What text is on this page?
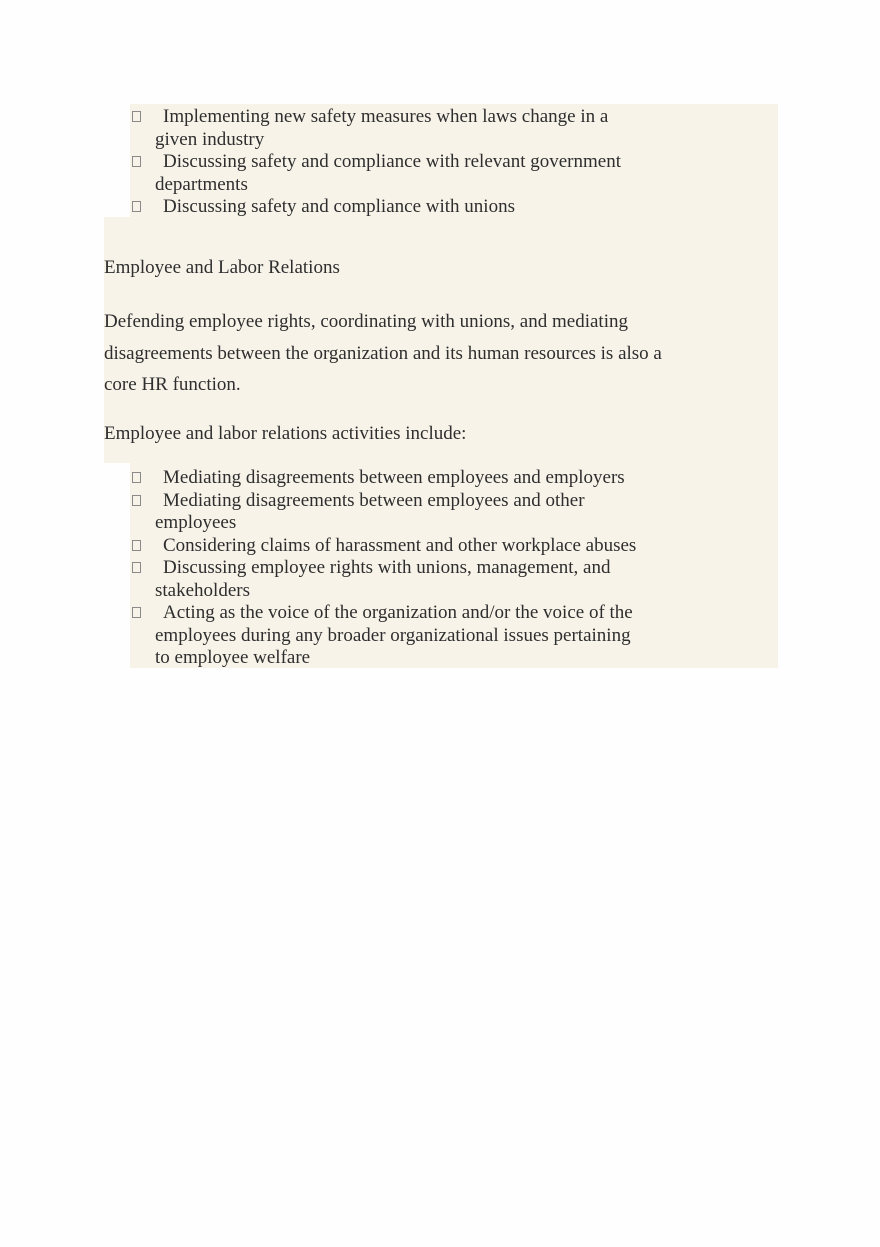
Implementing new safety measures when laws change in a given industry
Discussing safety and compliance with relevant government departments
Discussing safety and compliance with unions
Employee and Labor Relations

Defending employee rights, coordinating with unions, and mediating disagreements between the organization and its human resources is also a core HR function.

Employee and labor relations activities include:

Mediating disagreements between employees and employers
Mediating disagreements between employees and other employees
Considering claims of harassment and other workplace abuses
Discussing employee rights with unions, management, and stakeholders
Acting as the voice of the organization and/or the voice of the employees during any broader organizational issues pertaining to employee welfare
